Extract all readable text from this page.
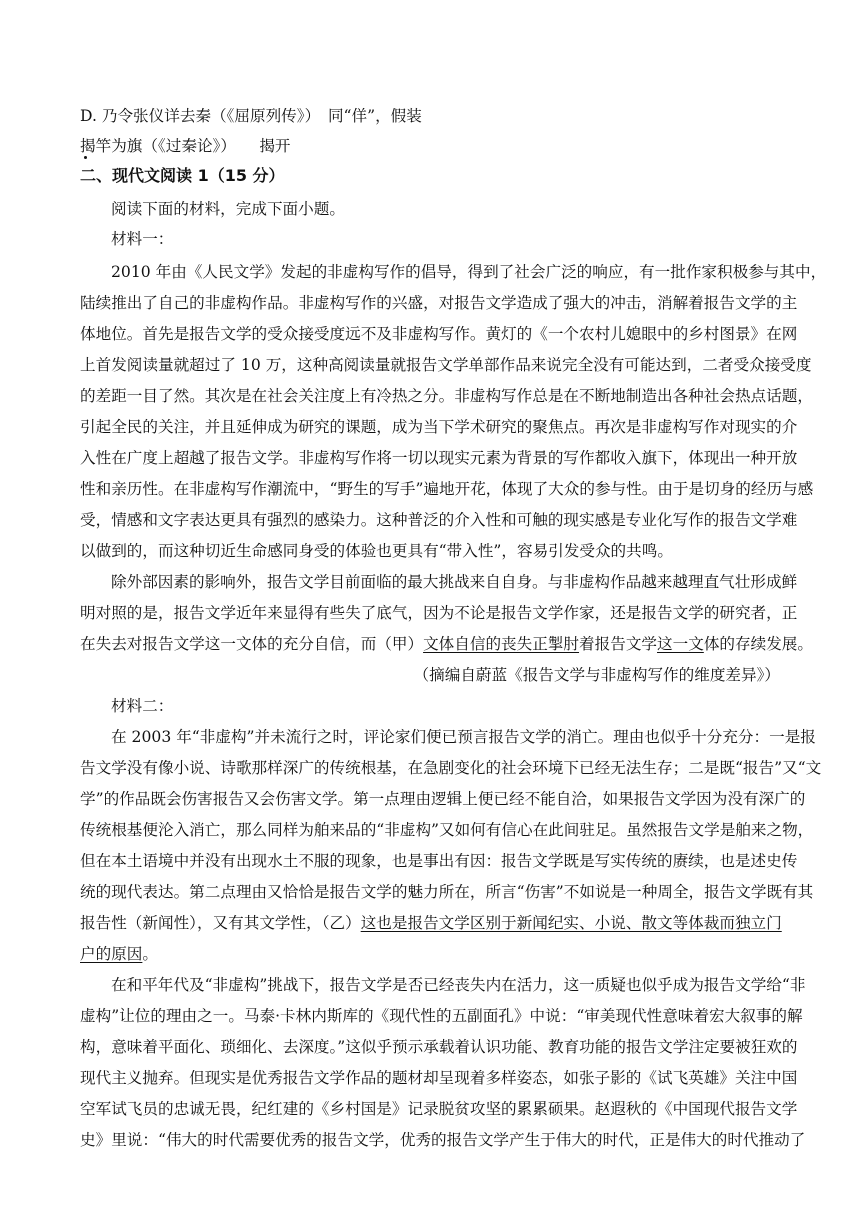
D. 乃令张仪详去秦（《屈原列传》）　同“佯”，假装
揭竿为旗（《过秦论》）　　揭开
二、现代文阅读 1（15 分）
阅读下面的材料，完成下面小题。
材料一：
2010 年由《人民文学》发起的非虚构写作的倡导，得到了社会广泛的响应，有一批作家积极参与其中，
陆续推出了自己的非虚构作品。非虚构写作的兴盛，对报告文学造成了强大的冲击，消解着报告文学的主
体地位。首先是报告文学的受众接受度远不及非虚构写作。黄灯的《一个农村儿媳眼中的乡村图景》在网
上首发阅读量就超过了 10 万，这种高阅读量就报告文学单部作品来说完全没有可能达到，二者受众接受度
的差距一目了然。其次是在社会关注度上有冷热之分。非虚构写作总是在不断地制造出各种社会热点话题，
引起全民的关注，并且延伸成为研究的课题，成为当下学术研究的聚焦点。再次是非虚构写作对现实的介
入性在广度上超越了报告文学。非虚构写作将一切以现实元素为背景的写作都收入旗下，体现出一种开放
性和亲历性。在非虚构写作潮流中，“野生的写手”遍地开花，体现了大众的参与性。由于是切身的经历与感
受，情感和文字表达更具有强烈的感染力。这种普泛的介入性和可触的现实感是专业化写作的报告文学难
以做到的，而这种切近生命感同身受的体验也更具有“带入性”，容易引发受众的共鸣。
除外部因素的影响外，报告文学目前面临的最大挑战来自自身。与非虚构作品越来越理直气壮形成鲜
明对照的是，报告文学近年来显得有些失了底气，因为不论是报告文学作家，还是报告文学的研究者，正
在失去对报告文学这一文体的充分自信，而（甲）文体自信的丧失正掣肘着报告文学这一文体的存续发展。
（摘编自蔚蓝《报告文学与非虚构写作的维度差异》）
材料二：
在 2003 年“非虚构”并未流行之时，评论家们便已预言报告文学的消亡。理由也似乎十分充分：一是报
告文学没有像小说、诗歌那样深广的传统根基，在急剧变化的社会环境下已经无法生存；二是既“报告”又“文
学”的作品既会伤害报告又会伤害文学。第一点理由逻辑上便已经不能自洽，如果报告文学因为没有深广的
传统根基便沦入消亡，那么同样为舶来品的“非虚构”又如何有信心在此间驻足。虽然报告文学是舶来之物，
但在本土语境中并没有出现水土不服的现象，也是事出有因：报告文学既是写实传统的赓续，也是述史传
统的现代表达。第二点理由又恰恰是报告文学的魅力所在，所言“伤害”不如说是一种周全，报告文学既有其
报告性（新闻性），又有其文学性，（乙）这也是报告文学区别于新闻纪实、小说、散文等体裁而独立门
户的原因。
在和平年代及“非虚构”挑战下，报告文学是否已经丧失内在活力，这一质疑也似乎成为报告文学给“非
虚构”让位的理由之一。马泰·卡林内斯库的《现代性的五副面孔》中说：“审美现代性意味着宏大叙事的解
构，意味着平面化、琐细化、去深度。”这似乎预示承载着认识功能、教育功能的报告文学注定要被狂欢的
现代主义抛弃。但现实是优秀报告文学作品的题材却呈现着多样姿态，如张子影的《试飞英雄》关注中国
空军试飞员的忠诚无畏，纪红建的《乡村国是》记录脱贫攻坚的累累硕果。赵遐秋的《中国现代报告文学
史》里说：“伟大的时代需要优秀的报告文学，优秀的报告文学产生于伟大的时代，正是伟大的时代推动了
